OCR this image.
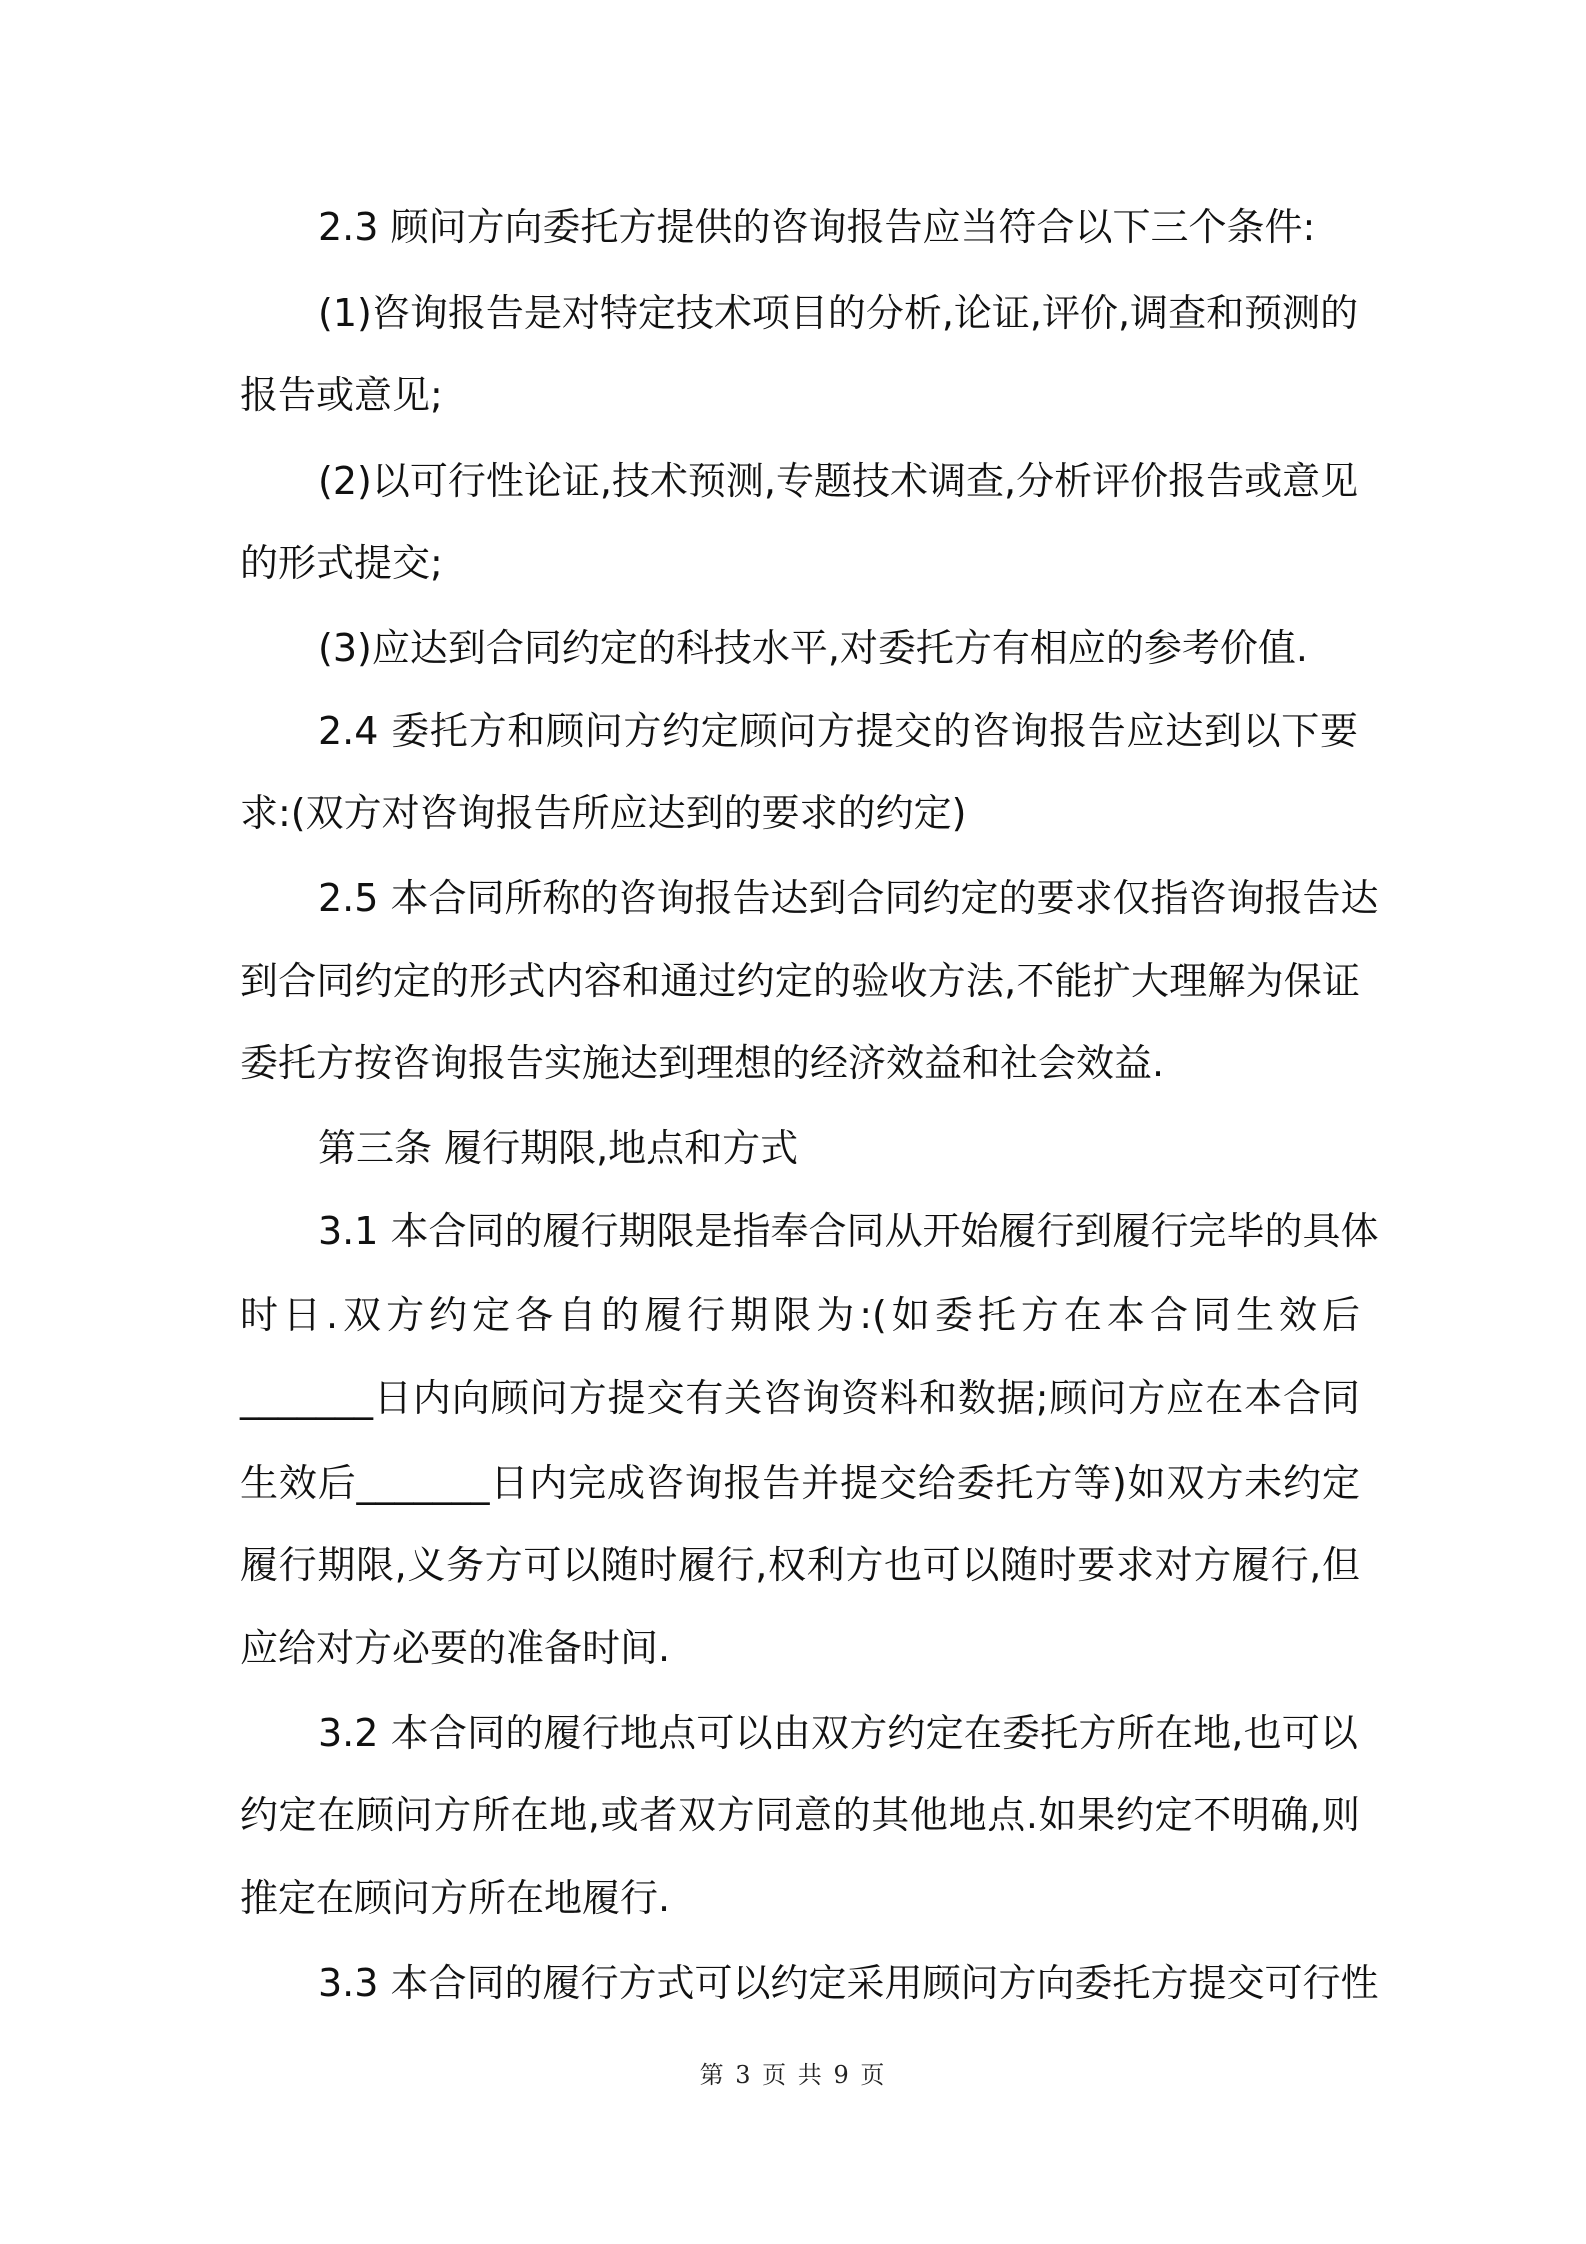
2.3 顾问方向委托方提供的咨询报告应当符合以下三个条件:
(1)咨询报告是对特定技术项目的分析,论证,评价,调查和预测的
报告或意见;
(2)以可行性论证,技术预测,专题技术调查,分析评价报告或意见
的形式提交;
(3)应达到合同约定的科技水平,对委托方有相应的参考价值.
2.4 委托方和顾问方约定顾问方提交的咨询报告应达到以下要
求:(双方对咨询报告所应达到的要求的约定)
2.5 本合同所称的咨询报告达到合同约定的要求仅指咨询报告达
到合同约定的形式内容和通过约定的验收方法,不能扩大理解为保证
委托方按咨询报告实施达到理想的经济效益和社会效益.
第三条 履行期限,地点和方式
3.1 本合同的履行期限是指奉合同从开始履行到履行完毕的具体
时日.双方约定各自的履行期限为:(如委托方在本合同生效后
_______日内向顾问方提交有关咨询资料和数据;顾问方应在本合同
生效后_______日内完成咨询报告并提交给委托方等)如双方未约定
履行期限,义务方可以随时履行,权利方也可以随时要求对方履行,但
应给对方必要的准备时间.
3.2 本合同的履行地点可以由双方约定在委托方所在地,也可以
约定在顾问方所在地,或者双方同意的其他地点.如果约定不明确,则
推定在顾问方所在地履行.
3.3 本合同的履行方式可以约定采用顾问方向委托方提交可行性
第 3 页 共 9 页
